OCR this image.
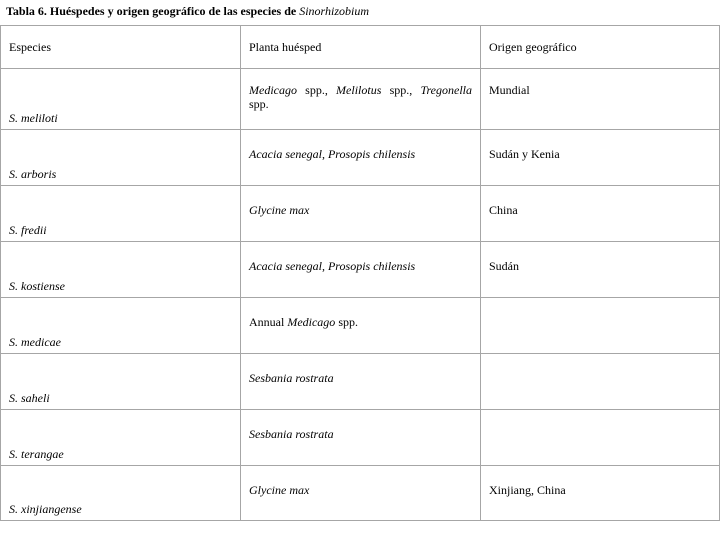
Tabla 6. Huéspedes y origen geográfico de las especies de Sinorhizobium
Especies	Planta huésped	Origen geográfico
S. meliloti	Medicago spp., Melilotus spp., Tregonella spp.	Mundial
S. arboris	Acacia senegal, Prosopis chilensis	Sudán y Kenia
S. fredii	Glycine max	China
S. kostiense	Acacia senegal, Prosopis chilensis	Sudán
S. medicae	Annual Medicago spp.	
S. saheli	Sesbania rostrata	
S. terangae	Sesbania rostrata	
S. xinjiangense	Glycine max	Xinjiang, China
